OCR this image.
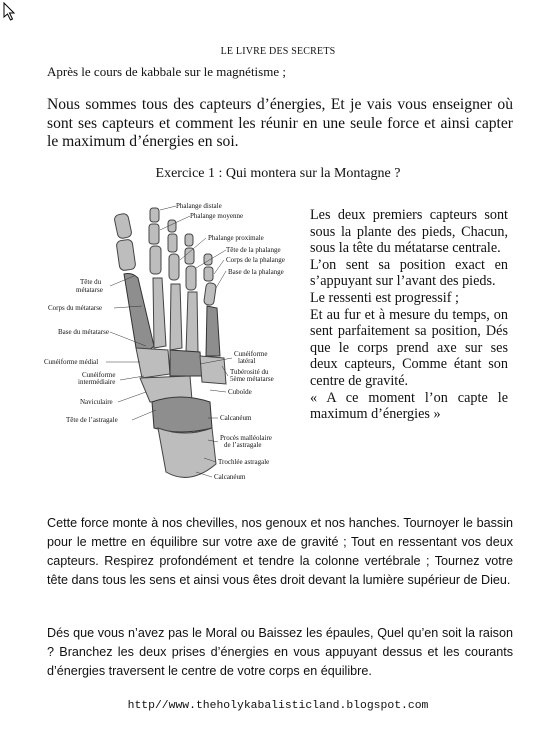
LE LIVRE DES SECRETS
Après le cours de kabbale sur le magnétisme ;
Nous sommes tous des capteurs d’énergies, Et je vais vous enseigner où sont ses capteurs et comment les réunir en une seule force et ainsi capter le maximum d’énergies en soi.
Exercice 1 : Qui montera sur la Montagne ?
Phalange distale
Phalange moyenne
Phalange proximale
Tête de la phalange
Corps de la phalange
Base de la phalange
Tête du
métatarse
Corps du métatarse
Base du métatarse
Cunéiforme
latéral
Tubérosité du
5ème métatarse
Cunéiforme médial
Cunéiforme
intermédiaire
Cuboïde
Naviculaire
Calcanéum
Tête de l’astragale
Procès malléolaire
de l’astragale
Trochlée astragale
Calcanéum

Les deux premiers capteurs sont sous la plante des pieds, Chacun, sous la tête du métatarse centrale.

L’on sent sa position exact en s’appuyant sur l’avant des pieds.

Le ressenti est progressif ;

Et au fur et à mesure du temps, on sent parfaitement sa position, Dés que le corps prend axe sur ses deux capteurs, Comme étant son centre de gravité.

« A ce moment l’on capte le maximum d’énergies »

Cette force monte à nos chevilles, nos genoux et nos hanches. Tournoyer le bassin pour le mettre en équilibre sur votre axe de gravité ; Tout en ressentant vos deux capteurs. Respirez profondément et tendre la colonne vertébrale ; Tournez votre tête dans tous les sens et ainsi vous êtes droit devant la lumière supérieur de Dieu.
Dés que vous n’avez pas le Moral ou Baissez les épaules, Quel qu’en soit la raison ? Branchez les deux prises d’énergies en vous appuyant dessus et les courants d’énergies traversent le centre de votre corps en équilibre.
http//www.theholykabalisticland.blogspot.com
